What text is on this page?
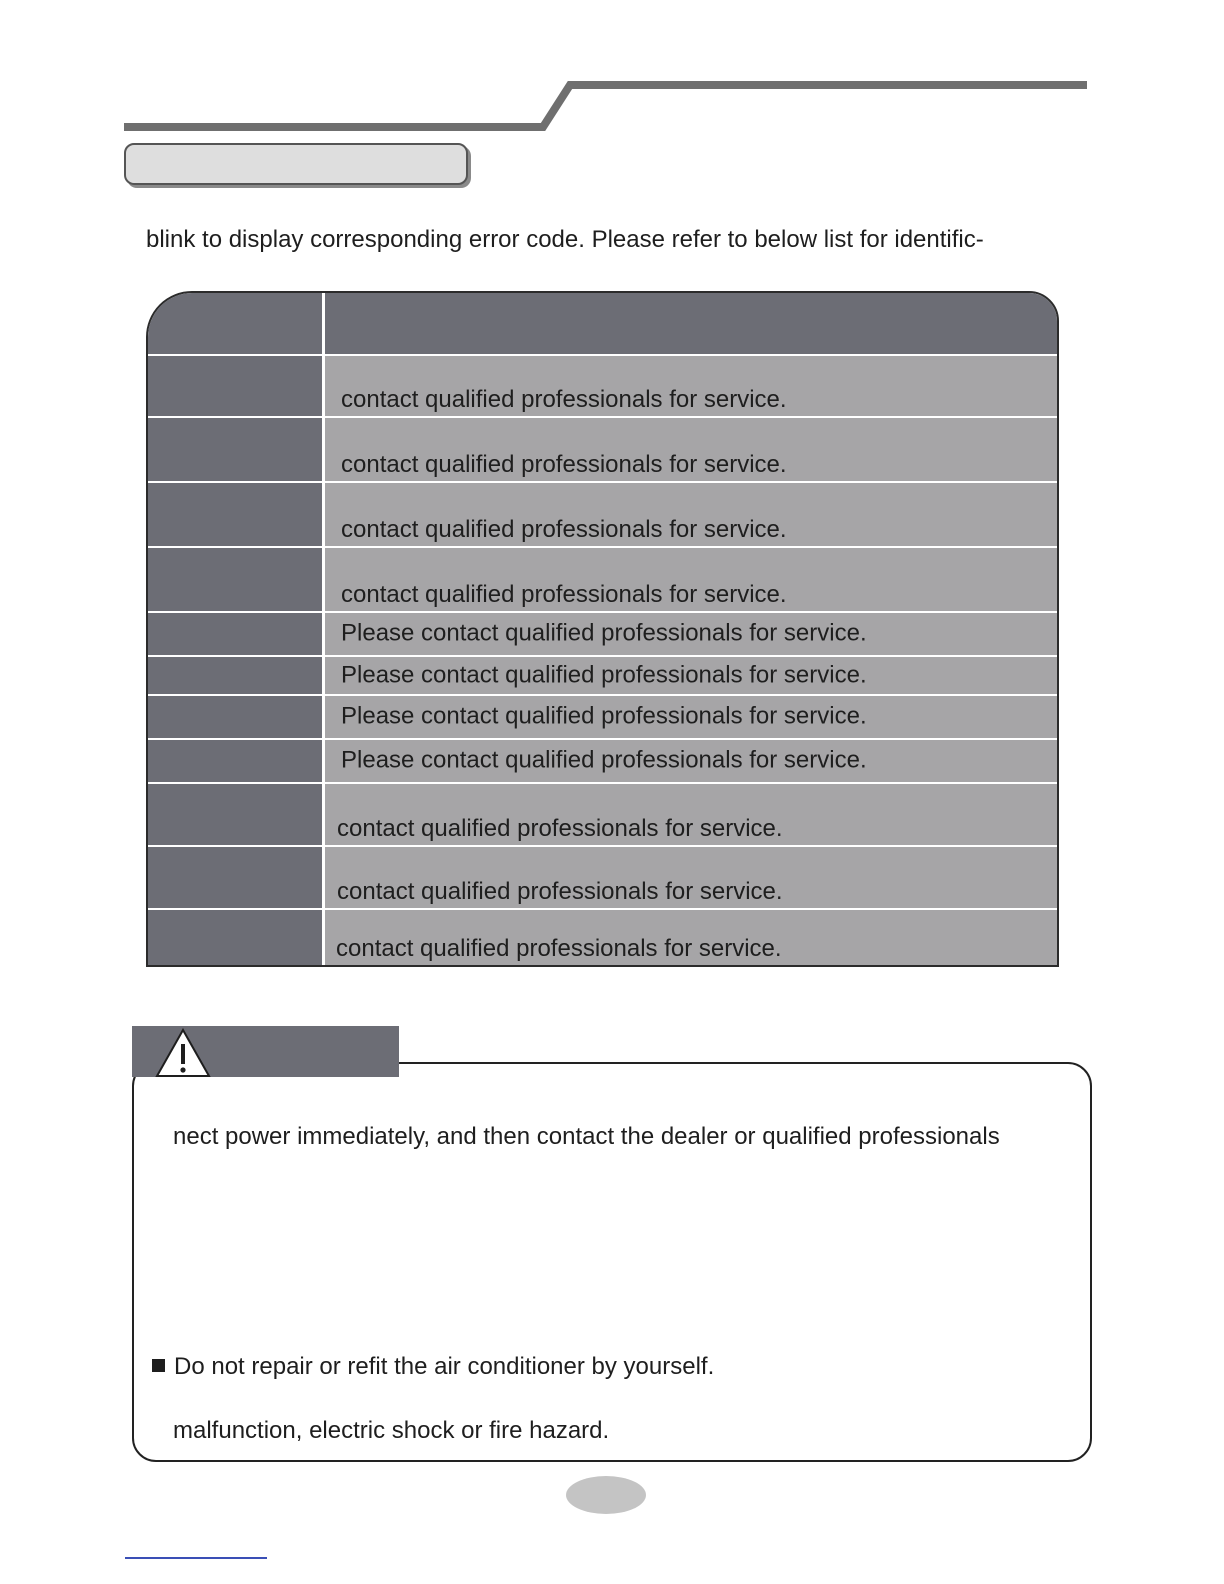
blink to display corresponding error code. Please refer to below list for identific-
contact qualified professionals for service.
contact qualified professionals for service.
contact qualified professionals for service.
contact qualified professionals for service.
Please contact qualified professionals for service.
Please contact qualified professionals for service.
Please contact qualified professionals for service.
Please contact qualified professionals for service.
contact qualified professionals for service.
contact qualified professionals for service.
contact qualified professionals for service.
nect power immediately, and then contact the dealer or qualified professionals
Do not repair or refit the air conditioner by yourself.
malfunction, electric shock or fire hazard.
